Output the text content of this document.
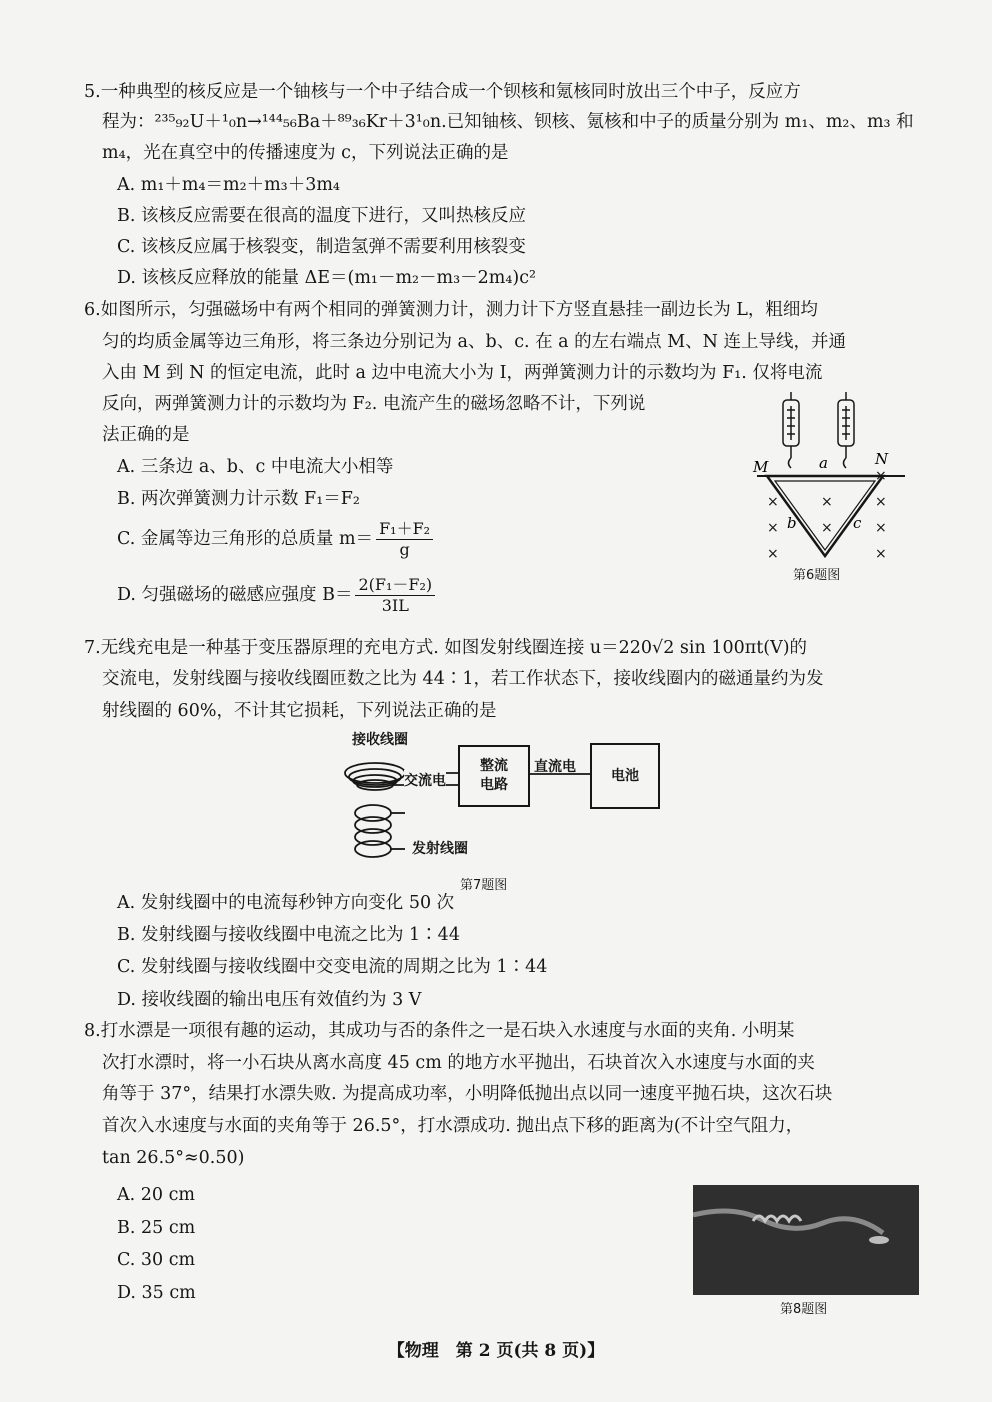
5.一种典型的核反应是一个铀核与一个中子结合成一个钡核和氪核同时放出三个中子，反应方
程为：²³⁵₉₂U＋¹₀n→¹⁴⁴₅₆Ba＋⁸⁹₃₆Kr＋3¹₀n.已知铀核、钡核、氪核和中子的质量分别为 m₁、m₂、m₃ 和
m₄，光在真空中的传播速度为 c，下列说法正确的是
A. m₁＋m₄＝m₂＋m₃＋3m₄
B. 该核反应需要在很高的温度下进行，又叫热核反应
C. 该核反应属于核裂变，制造氢弹不需要利用核裂变
D. 该核反应释放的能量 ΔE＝(m₁－m₂－m₃－2m₄)c²
6.如图所示，匀强磁场中有两个相同的弹簧测力计，测力计下方竖直悬挂一副边长为 L，粗细均
匀的均质金属等边三角形，将三条边分别记为 a、b、c. 在 a 的左右端点 M、N 连上导线，并通
入由 M 到 N 的恒定电流，此时 a 边中电流大小为 I，两弹簧测力计的示数均为 F₁. 仅将电流
反向，两弹簧测力计的示数均为 F₂. 电流产生的磁场忽略不计，下列说
法正确的是
A. 三条边 a、b、c 中电流大小相等
B. 两次弹簧测力计示数 F₁＝F₂
C. 金属等边三角形的总质量 $m= \frac{\text{F₁＋F₂}}{g}$
D. 匀强磁场的磁感应强度 $B= \frac{\text{2(F₁－F₂)}}{3IL}$
×	×	×
×	×	×
×	×
×
M	N
a
b	c
第6题图
7.无线充电是一种基于变压器原理的充电方式. 如图发射线圈连接 u＝220√2 sin 100πt(V)的
交流电，发射线圈与接收线圈匝数之比为 44∶1，若工作状态下，接收线圈内的磁通量约为发
射线圈的 60%，不计其它损耗，下列说法正确的是
接收线圈
交流电
整流电路
直流电
电池
发射线圈
第7题图
A. 发射线圈中的电流每秒钟方向变化 50 次
B. 发射线圈与接收线圈中电流之比为 1∶44
C. 发射线圈与接收线圈中交变电流的周期之比为 1∶44
D. 接收线圈的输出电压有效值约为 3 V
8.打水漂是一项很有趣的运动，其成功与否的条件之一是石块入水速度与水面的夹角. 小明某
次打水漂时，将一小石块从离水高度 45 cm 的地方水平抛出，石块首次入水速度与水面的夹
角等于 37°，结果打水漂失败. 为提高成功率，小明降低抛出点以同一速度平抛石块，这次石块
首次入水速度与水面的夹角等于 26.5°，打水漂成功. 抛出点下移的距离为(不计空气阻力，
tan 26.5°≈0.50)
A. 20 cm
B. 25 cm
C. 30 cm
D. 35 cm
第8题图
【物理　第 2 页(共 8 页)】
